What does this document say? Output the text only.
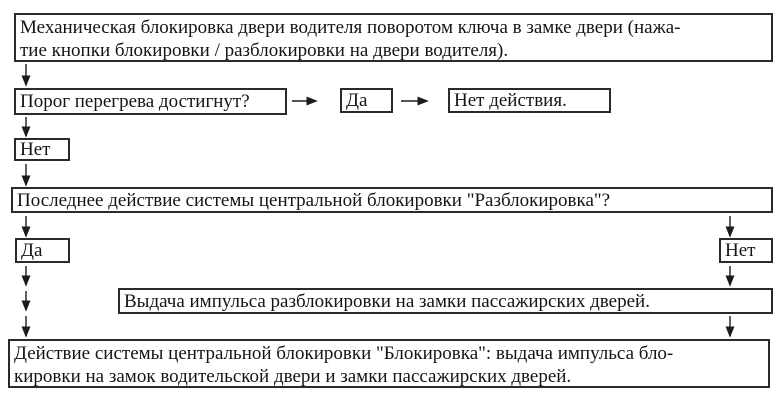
Механическая блокировка двери водителя поворотом ключа в замке двери (нажа-
тие кнопки блокировки / разблокировки на двери водителя).
Порог перегрева достигнут?	Да	Нет действия.
Нет
Последнее действие системы центральной блокировки "Разблокировка"?
Да	Нет
Выдача импульса разблокировки на замки пассажирских дверей.
Действие системы центральной блокировки "Блокировка": выдача импульса бло-
кировки на замок водительской двери и замки пассажирских дверей.
